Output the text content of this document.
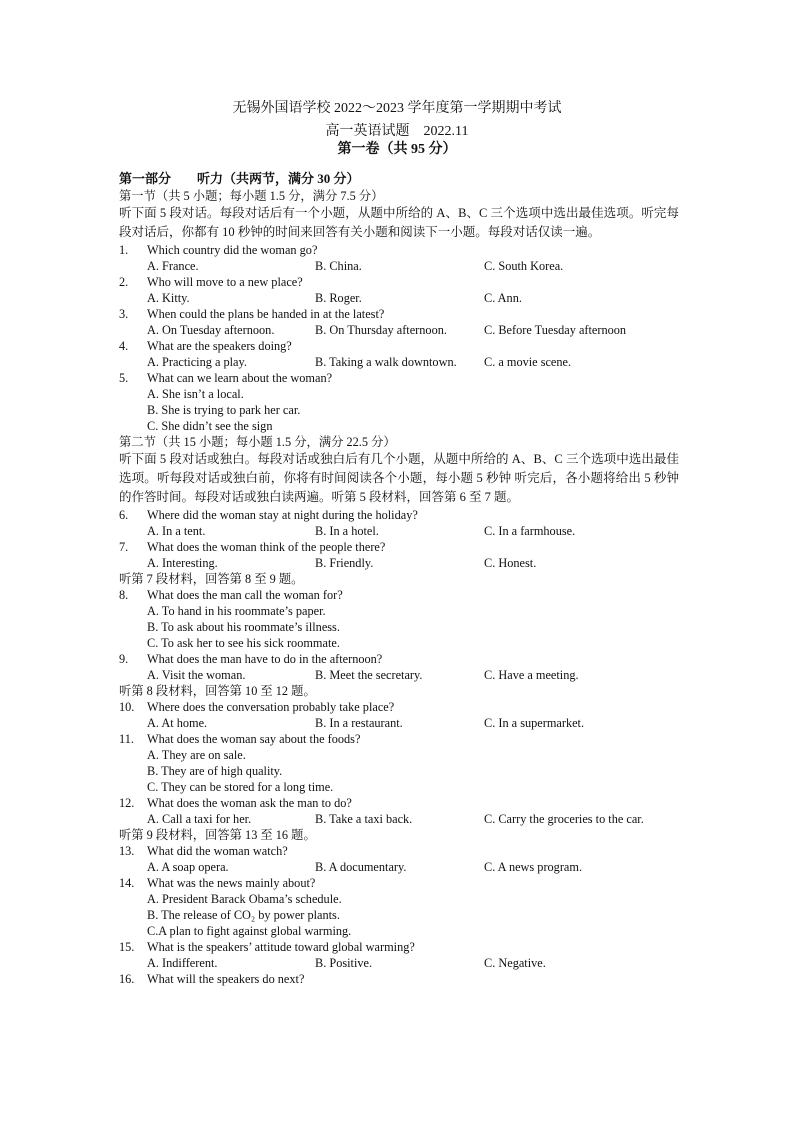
无锡外国语学校 2022～2023 学年度第一学期期中考试
高一英语试题　2022.11
第一卷（共 95 分）
第一部分 听力（共两节，满分 30 分）
第一节（共 5 小题；每小题 1.5 分，满分 7.5 分）
听下面 5 段对话。每段对话后有一个小题，从题中所给的 A、B、C 三个选项中选出最佳选项。听完每段对话后，你都有 10 秒钟的时间来回答有关小题和阅读下一小题。每段对话仅读一遍。
1. Which country did the woman go?
A. France.	B. China.	C. South Korea.
2. Who will move to a new place?
A. Kitty.	B. Roger.	C. Ann.
3. When could the plans be handed in at the latest?
A. On Tuesday afternoon.	B. On Thursday afternoon.	C. Before Tuesday afternoon
4. What are the speakers doing?
A. Practicing a play.	B. Taking a walk downtown. C. a movie scene.
5. What can we learn about the woman?
A. She isn’t a local.
B. She is trying to park her car.
C. She didn’t see the sign
第二节（共 15 小题；每小题 1.5 分，满分 22.5 分）
听下面 5 段对话或独白。每段对话或独白后有几个小题，从题中所给的 A、B、C 三个选项中选出最佳选项。听每段对话或独白前，你将有时间阅读各个小题，每小题 5 秒钟 听完后，各小题将给出 5 秒钟的作答时间。每段对话或独白读两遍。听第 5 段材料，回答第 6 至 7 题。
6. Where did the woman stay at night during the holiday?
A. In a tent.	B. In a hotel.	C. In a farmhouse.
7. What does the woman think of the people there?
A. Interesting.	B. Friendly.	C. Honest.
听第 7 段材料，回答第 8 至 9 题。
8. What does the man call the woman for?
A. To hand in his roommate’s paper.
B. To ask about his roommate’s illness.
C. To ask her to see his sick roommate.
9. What does the man have to do in the afternoon?
A. Visit the woman.	B. Meet the secretary.	C. Have a meeting.
听第 8 段材料，回答第 10 至 12 题。
10. Where does the conversation probably take place?
A. At home.	B. In a restaurant.	C. In a supermarket.
11. What does the woman say about the foods?
A. They are on sale.
B. They are of high quality.
C. They can be stored for a long time.
12. What does the woman ask the man to do?
A. Call a taxi for her.	B. Take a taxi back.	C. Carry the groceries to the car.
听第 9 段材料，回答第 13 至 16 题。
13. What did the woman watch?
A. A soap opera.	B. A documentary.	C. A news program.
14. What was the news mainly about?
A. President Barack Obama’s schedule.
B. The release of CO₂ by power plants.
C.A plan to fight against global warming.
15. What is the speakers’ attitude toward global warming?
A. Indifferent.	B. Positive.	C. Negative.
16. What will the speakers do next?
